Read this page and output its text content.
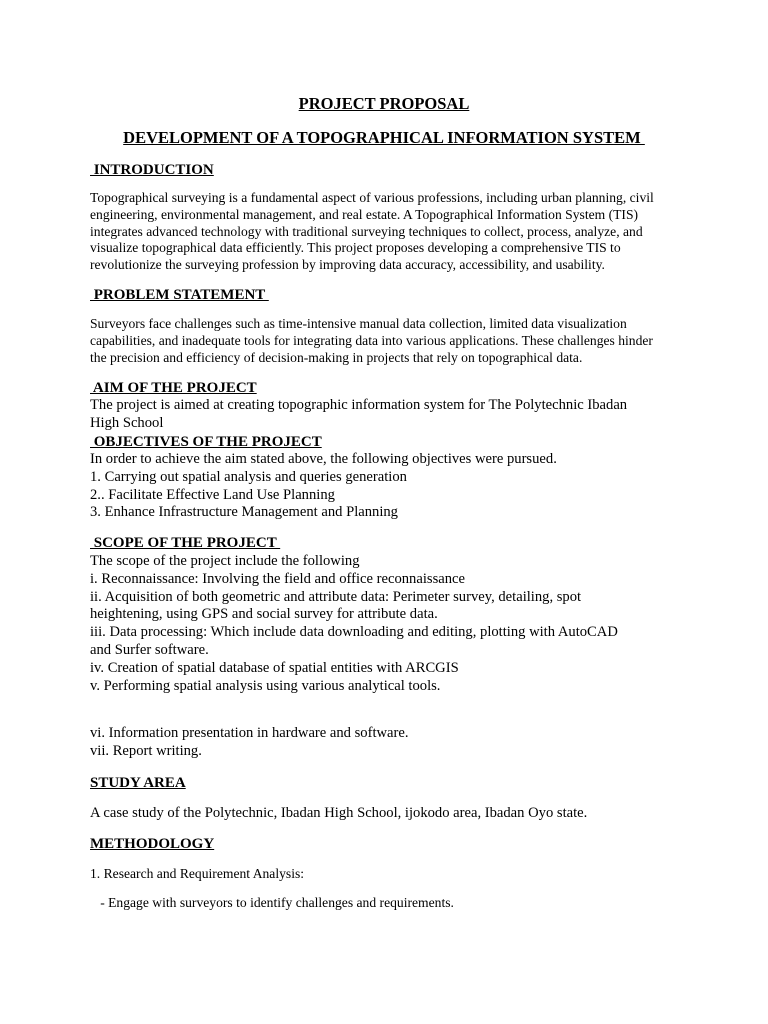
PROJECT PROPOSAL
DEVELOPMENT OF A TOPOGRAPHICAL INFORMATION SYSTEM
INTRODUCTION
Topographical surveying is a fundamental aspect of various professions, including urban planning, civil
engineering, environmental management, and real estate. A Topographical Information System (TIS)
integrates advanced technology with traditional surveying techniques to collect, process, analyze, and
visualize topographical data efficiently. This project proposes developing a comprehensive TIS to
revolutionize the surveying profession by improving data accuracy, accessibility, and usability.
PROBLEM STATEMENT
Surveyors face challenges such as time-intensive manual data collection, limited data visualization
capabilities, and inadequate tools for integrating data into various applications. These challenges hinder
the precision and efficiency of decision-making in projects that rely on topographical data.
AIM OF THE PROJECT
The project is aimed at creating topographic information system for The Polytechnic Ibadan
High School
OBJECTIVES OF THE PROJECT
In order to achieve the aim stated above, the following objectives were pursued.
1. Carrying out spatial analysis and queries generation
2.. Facilitate Effective Land Use Planning
3. Enhance Infrastructure Management and Planning
SCOPE OF THE PROJECT
The scope of the project include the following
i. Reconnaissance: Involving the field and office reconnaissance
ii. Acquisition of both geometric and attribute data: Perimeter survey, detailing, spot
heightening, using GPS and social survey for attribute data.
iii. Data processing: Which include data downloading and editing, plotting with AutoCAD
and Surfer software.
iv. Creation of spatial database of spatial entities with ARCGIS
v. Performing spatial analysis using various analytical tools.
vi. Information presentation in hardware and software.
vii. Report writing.
STUDY AREA
A case study of the Polytechnic, Ibadan High School, ijokodo area, Ibadan Oyo state.
METHODOLOGY
1. Research and Requirement Analysis:
- Engage with surveyors to identify challenges and requirements.
